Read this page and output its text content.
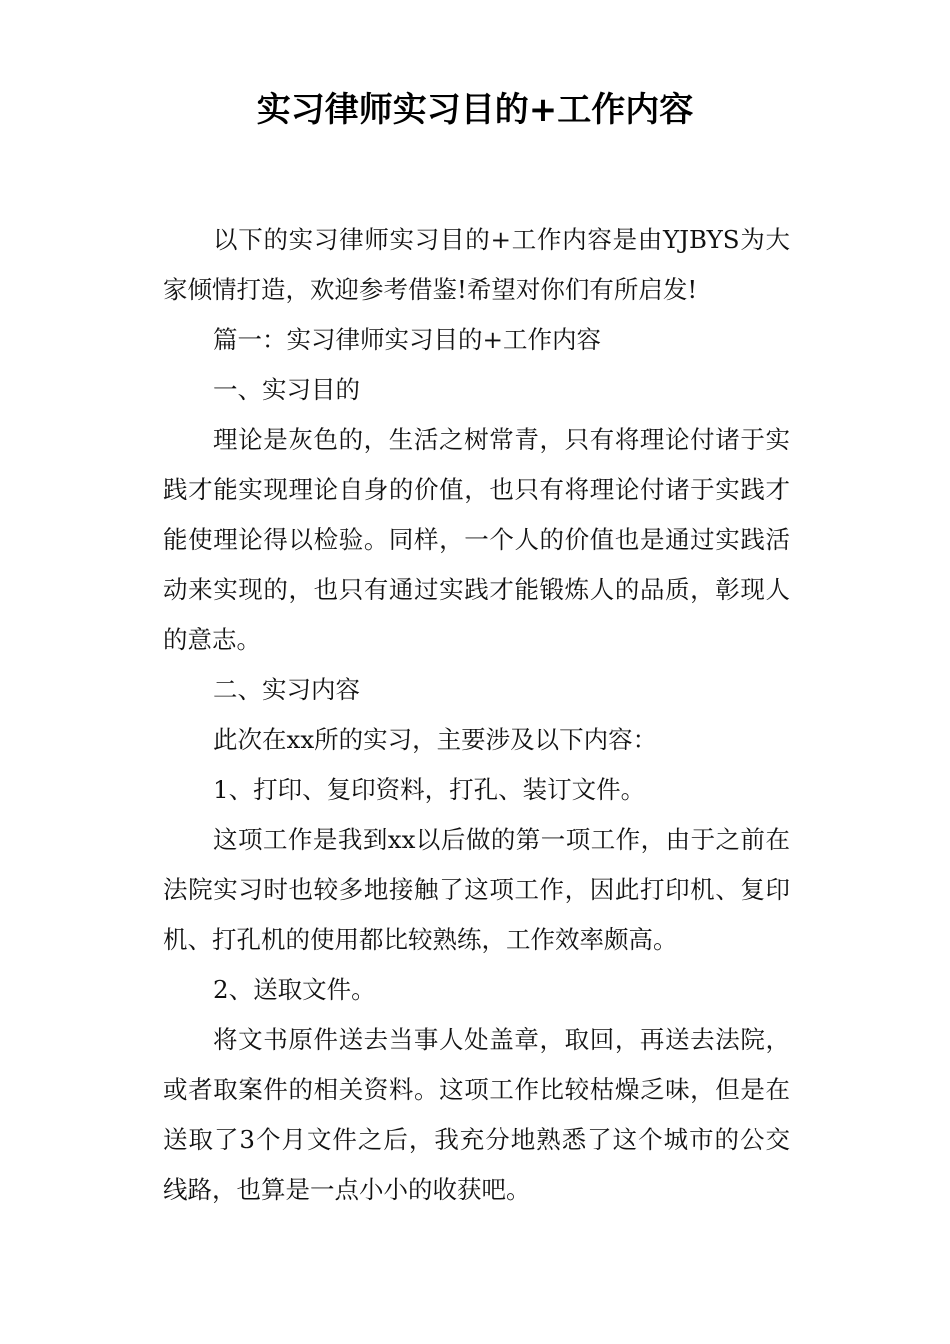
实习律师实习目的+工作内容

以下的实习律师实习目的+工作内容是由YJBYS为大家倾情打造，欢迎参考借鉴!希望对你们有所启发!

篇一：实习律师实习目的+工作内容

一、实习目的

理论是灰色的，生活之树常青，只有将理论付诸于实践才能实现理论自身的价值，也只有将理论付诸于实践才能使理论得以检验。同样，一个人的价值也是通过实践活动来实现的，也只有通过实践才能锻炼人的品质，彰现人的意志。

二、实习内容

此次在xx所的实习，主要涉及以下内容：

1、打印、复印资料，打孔、装订文件。

这项工作是我到xx以后做的第一项工作，由于之前在法院实习时也较多地接触了这项工作，因此打印机、复印机、打孔机的使用都比较熟练，工作效率颇高。

2、送取文件。

将文书原件送去当事人处盖章，取回，再送去法院，或者取案件的相关资料。这项工作比较枯燥乏味，但是在送取了3个月文件之后，我充分地熟悉了这个城市的公交线路，也算是一点小小的收获吧。
